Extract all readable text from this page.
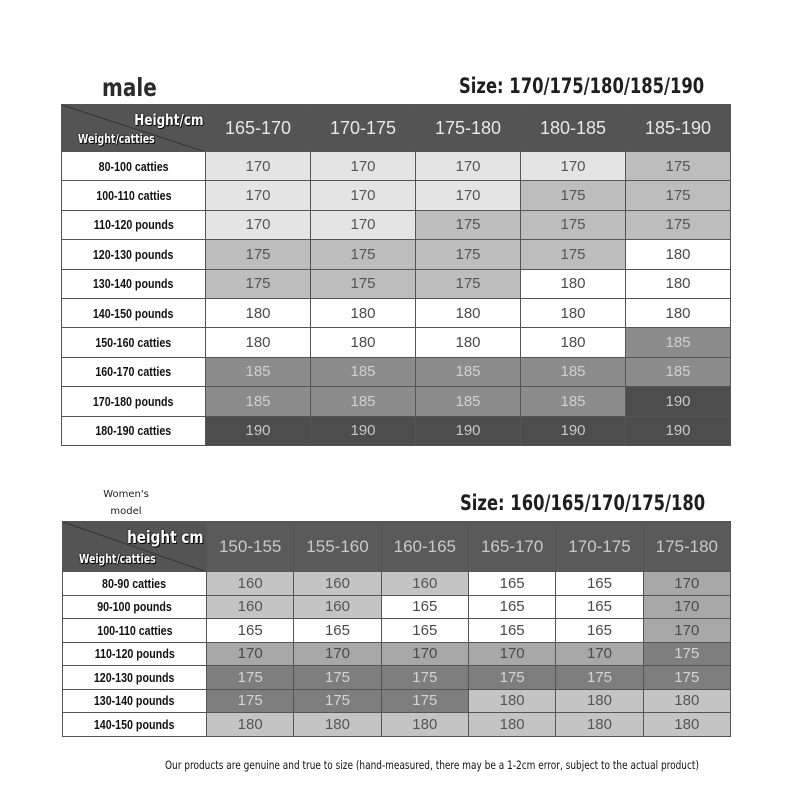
male	Size: 170/175/180/185/190
Height/cm
Weight/catties	165-170	170-175	175-180	180-185	185-190
80-100 catties	170	170	170	170	175
100-110 catties	170	170	170	175	175
110-120 pounds	170	170	175	175	175
120-130 pounds	175	175	175	175	180
130-140 pounds	175	175	175	180	180
140-150 pounds	180	180	180	180	180
150-160 catties	180	180	180	180	185
160-170 catties	185	185	185	185	185
170-180 pounds	185	185	185	185	190
180-190 catties	190	190	190	190	190
Women's model	Size: 160/165/170/175/180
height cm
Weight/catties	150-155	155-160	160-165	165-170	170-175	175-180
80-90 catties	160	160	160	165	165	170
90-100 pounds	160	160	165	165	165	170
100-110 catties	165	165	165	165	165	170
110-120 pounds	170	170	170	170	170	175
120-130 pounds	175	175	175	175	175	175
130-140 pounds	175	175	175	180	180	180
140-150 pounds	180	180	180	180	180	180
Our products are genuine and true to size (hand-measured, there may be a 1-2cm error, subject to the actual product)
